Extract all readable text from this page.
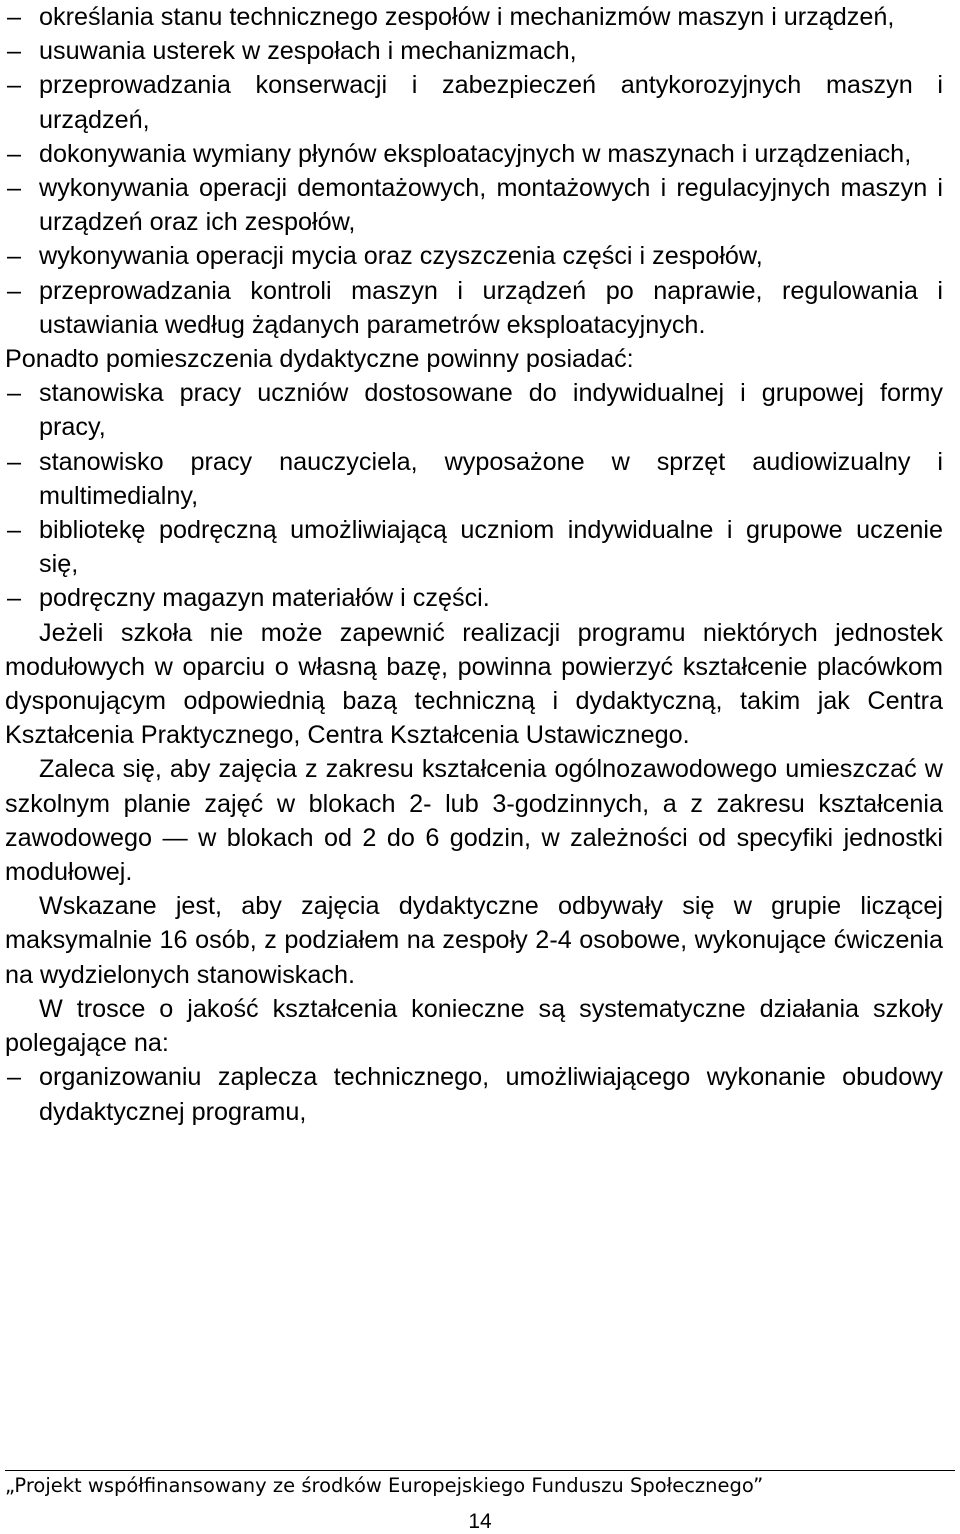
– określania stanu technicznego zespołów i mechanizmów maszyn i urządzeń,
– usuwania usterek w zespołach i mechanizmach,
– przeprowadzania konserwacji i zabezpieczeń antykorozyjnych maszyn i urządzeń,
– dokonywania wymiany płynów eksploatacyjnych w maszynach i urządzeniach,
– wykonywania operacji demontażowych, montażowych i regulacyjnych maszyn i urządzeń oraz ich zespołów,
– wykonywania operacji mycia oraz czyszczenia części i zespołów,
– przeprowadzania kontroli maszyn i urządzeń po naprawie, regulowania i ustawiania według żądanych parametrów eksploatacyjnych.

Ponadto pomieszczenia dydaktyczne powinny posiadać:

– stanowiska pracy uczniów dostosowane do indywidualnej i grupowej formy pracy,
– stanowisko pracy nauczyciela, wyposażone w sprzęt audiowizualny i multimedialny,
– bibliotekę podręczną umożliwiającą uczniom indywidualne i grupowe uczenie się,
– podręczny magazyn materiałów i części.

Jeżeli szkoła nie może zapewnić realizacji programu niektórych jednostek modułowych w oparciu o własną bazę, powinna powierzyć kształcenie placówkom dysponującym odpowiednią bazą techniczną i dydaktyczną, takim jak Centra Kształcenia Praktycznego, Centra Kształcenia Ustawicznego.

Zaleca się, aby zajęcia z zakresu kształcenia ogólnozawodowego umieszczać w szkolnym planie zajęć w blokach 2- lub 3-godzinnych, a z zakresu kształcenia zawodowego — w blokach od 2 do 6 godzin, w zależności od specyfiki jednostki modułowej.

Wskazane jest, aby zajęcia dydaktyczne odbywały się w grupie liczącej maksymalnie 16 osób, z podziałem na zespoły 2-4 osobowe, wykonujące ćwiczenia na wydzielonych stanowiskach.

W trosce o jakość kształcenia konieczne są systematyczne działania szkoły polegające na:

– organizowaniu zaplecza technicznego, umożliwiającego wykonanie obudowy dydaktycznej programu,
„Projekt współfinansowany ze środków Europejskiego Funduszu Społecznego”
14
